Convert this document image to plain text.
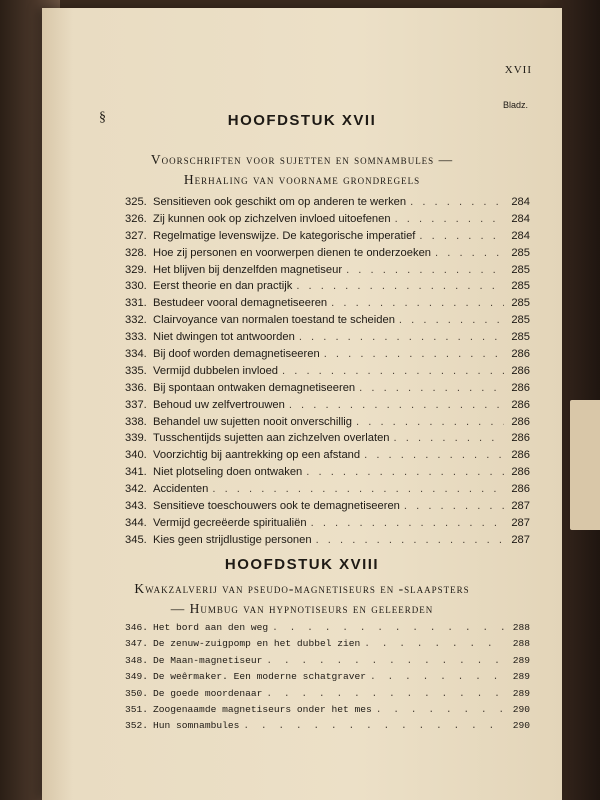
XVII
Bladz.
§	HOOFDSTUK XVII
Voorschriften voor sujetten en somnambules —
Herhaling van voorname grondregels
325. Sensitieven ook geschikt om op anderen te werken . . .	284
326. Zij kunnen ook op zichzelven invloed uitoefenen . . .	284
327. Regelmatige levenswijze. De kategorische imperatief . . .	284
328. Hoe zij personen en voorwerpen dienen te onderzoeken . . .	285
329. Het blijven bij denzelfden magnetiseur . . .	285
330. Eerst theorie en dan practijk . . .	285
331. Bestudeer vooral demagnetiseeren . . .	285
332. Clairvoyance van normalen toestand te scheiden . . .	285
333. Niet dwingen tot antwoorden . . .	285
334. Bij doof worden demagnetiseeren . . .	286
335. Vermijd dubbelen invloed . . .	286
336. Bij spontaan ontwaken demagnetiseeren . . .	286
337. Behoud uw zelfvertrouwen . . .	286
338. Behandel uw sujetten nooit onverschillig . . .	286
339. Tusschentijds sujetten aan zichzelven overlaten . . .	286
340. Voorzichtig bij aantrekking op een afstand . . .	286
341. Niet plotseling doen ontwaken . . .	286
342. Accidenten . . .	286
343. Sensitieve toeschouwers ook te demagnetiseeren . . .	287
344. Vermijd gecreëerde spiritualiën . . .	287
345. Kies geen strijdlustige personen . . .	287
HOOFDSTUK XVIII
Kwakzalverij van pseudo-magnetiseurs en -slaapsters
— Humbug van hypnotiseurs en geleerden
346. Het bord aan den weg . . .	288
347. De zenuw-zuigpomp en het dubbel zien . . .	288
348. De Maan-magnetiseur . . .	289
349. De weêrmaker. Een moderne schatgraver . . .	289
350. De goede moordenaar . . .	289
351. Zoogenaamde magnetiseurs onder het mes . . .	290
352. Hun somnambules . . .	290
